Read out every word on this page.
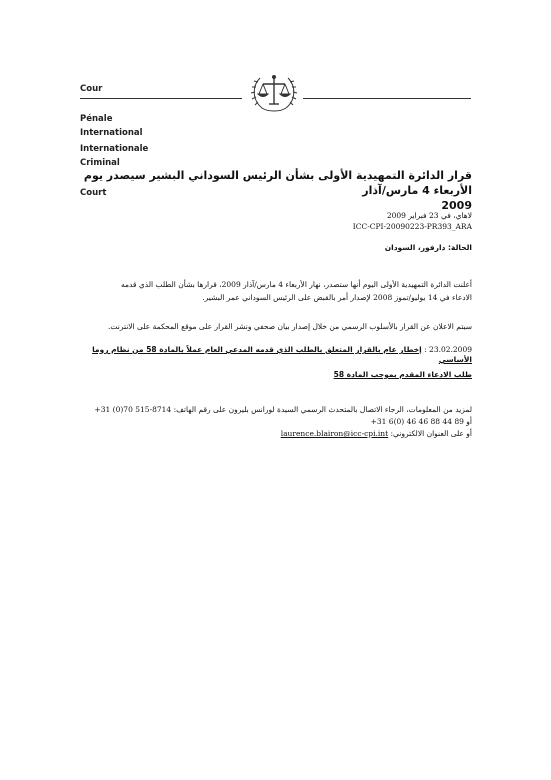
Cour

Pénale

Internationale

International

Criminal

Court

قرار الدائرة التمهيدية الأولى بشأن الرئيس السوداني البشير سيصدر يوم الأربعاء 4 مارس/آذار
2009
لاهاي، في 23 فبراير 2009
ICC-CPI-20090223-PR393_ARA
الحالة: دارفور، السودان
أعلنت الدائرة التمهيدية الأولى اليوم أنها ستصدر، نهار الأربعاء 4 مارس/آذار 2009، قرارها بشأن الطلب الذي قدمه
الادعاء في 14 يوليو/تموز 2008 لإصدار أمر بالقبض على الرئيس السوداني عمر البشير.
سيتم الاعلان عن القرار بالأسلوب الرسمي من خلال إصدار بيان صحفي ونشر القرار على موقع المحكمة على الانترنت.
23.02.2009 : إخطار عام بالقرار المتعلق بالطلب الذي قدمه المدعي العام عملاً بالمادة 58 من نظام روما الأساسي
طلب الادعاء المقدم بموجب المادة 58
لمزيد من المعلومات، الرجاء الاتصال بالمتحدث الرسمي السيدة لورانس بليرون على رقم الهاتف: 8714-515 70(0) 31+
أو 89 44 88 46 46 (0)6 31+
أو على العنوان الالكتروني: laurence.blairon@icc-cpi.int
